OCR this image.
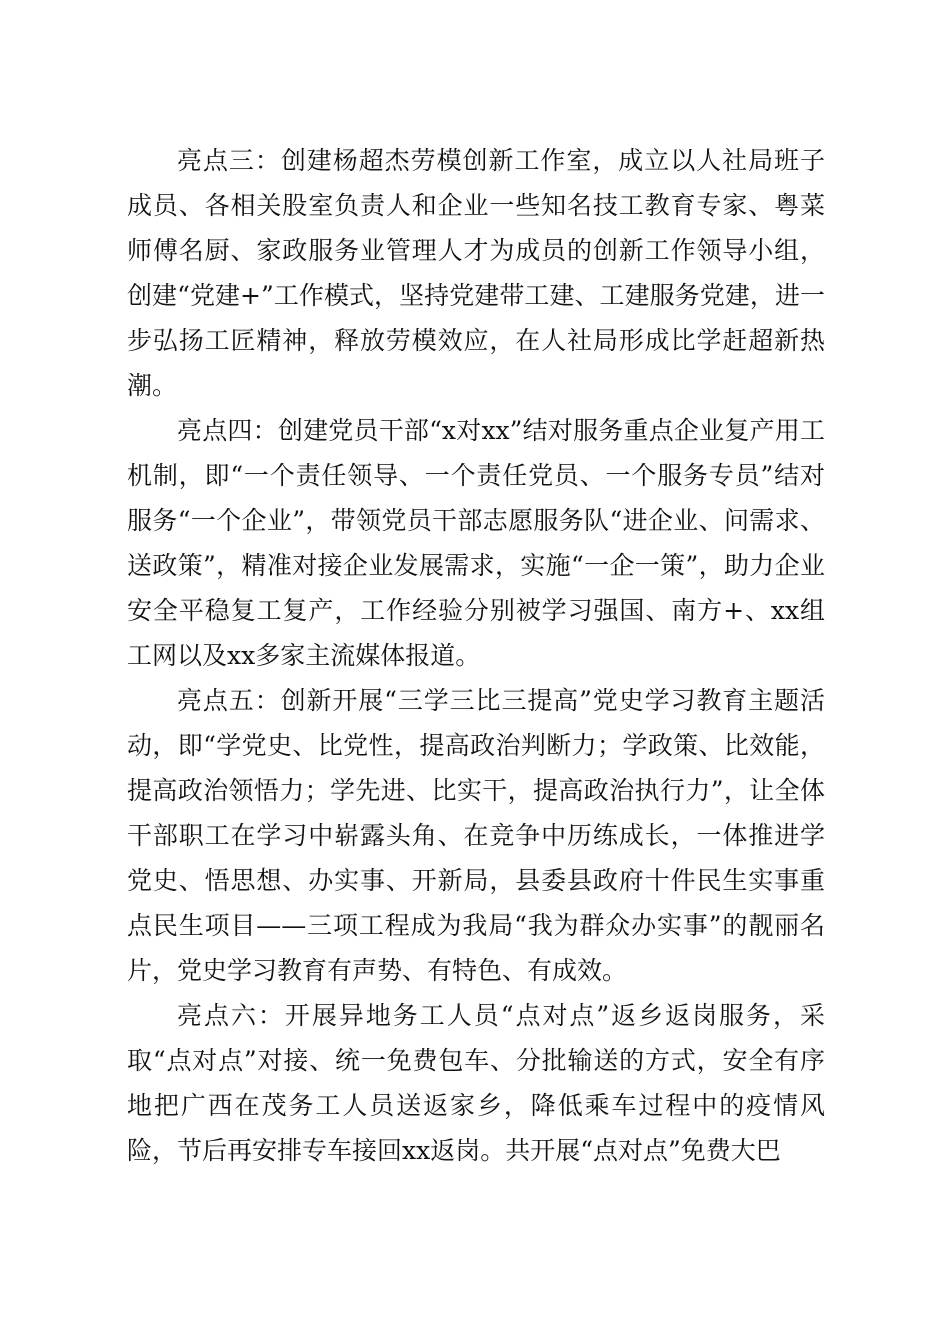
亮点三：创建杨超杰劳模创新工作室，成立以人社局班子成员、各相关股室负责人和企业一些知名技工教育专家、粤菜师傅名厨、家政服务业管理人才为成员的创新工作领导小组，创建“党建+”工作模式，坚持党建带工建、工建服务党建，进一步弘扬工匠精神，释放劳模效应，在人社局形成比学赶超新热潮。

亮点四：创建党员干部“x对xx”结对服务重点企业复产用工机制，即“一个责任领导、一个责任党员、一个服务专员”结对服务“一个企业”，带领党员干部志愿服务队“进企业、问需求、送政策”，精准对接企业发展需求，实施“一企一策”，助力企业安全平稳复工复产，工作经验分别被学习强国、南方+、xx组工网以及xx多家主流媒体报道。

亮点五：创新开展“三学三比三提高”党史学习教育主题活动，即“学党史、比党性，提高政治判断力；学政策、比效能，提高政治领悟力；学先进、比实干，提高政治执行力”，让全体干部职工在学习中崭露头角、在竞争中历练成长，一体推进学党史、悟思想、办实事、开新局，县委县政府十件民生实事重点民生项目——三项工程成为我局“我为群众办实事”的靓丽名片，党史学习教育有声势、有特色、有成效。

亮点六：开展异地务工人员“点对点”返乡返岗服务，采取“点对点”对接、统一免费包车、分批输送的方式，安全有序地把广西在茂务工人员送返家乡，降低乘车过程中的疫情风险，节后再安排专车接回xx返岗。共开展“点对点”免费大巴
